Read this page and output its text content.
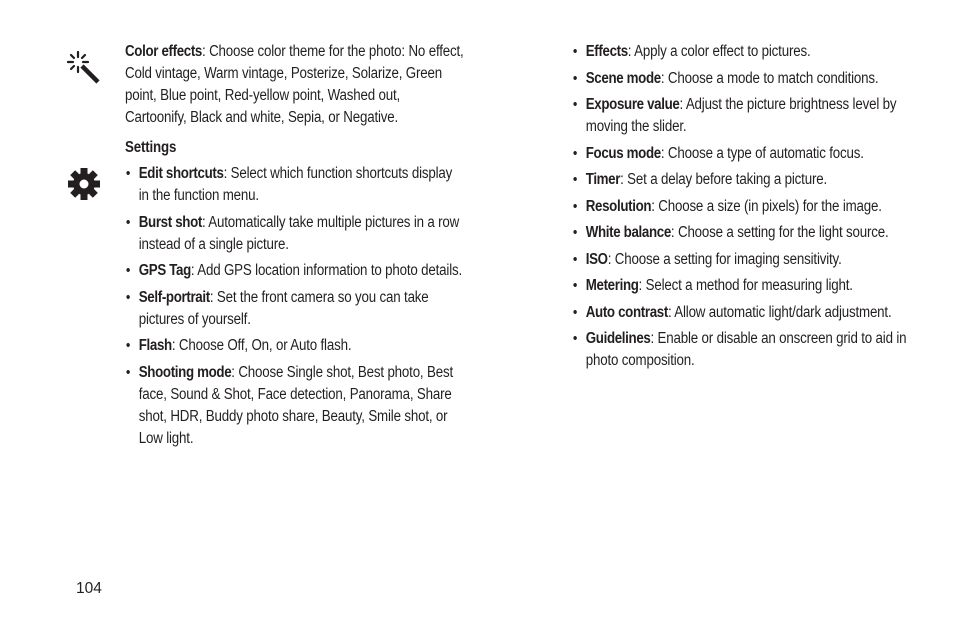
Color effects: Choose color theme for the photo: No effect, Cold vintage, Warm vintage, Posterize, Solarize, Green point, Blue point, Red-yellow point, Washed out, Cartoonify, Black and white, Sepia, or Negative.

Settings

• Edit shortcuts: Select which function shortcuts display in the function menu.
• Burst shot: Automatically take multiple pictures in a row instead of a single picture.
• GPS Tag: Add GPS location information to photo details.
• Self-portrait: Set the front camera so you can take pictures of yourself.
• Flash: Choose Off, On, or Auto flash.
• Shooting mode: Choose Single shot, Best photo, Best face, Sound & Shot, Face detection, Panorama, Share shot, HDR, Buddy photo share, Beauty, Smile shot, or Low light.
• Effects: Apply a color effect to pictures.
• Scene mode: Choose a mode to match conditions.
• Exposure value: Adjust the picture brightness level by moving the slider.
• Focus mode: Choose a type of automatic focus.
• Timer: Set a delay before taking a picture.
• Resolution: Choose a size (in pixels) for the image.
• White balance: Choose a setting for the light source.
• ISO: Choose a setting for imaging sensitivity.
• Metering: Select a method for measuring light.
• Auto contrast: Allow automatic light/dark adjustment.
• Guidelines: Enable or disable an onscreen grid to aid in photo composition.
104
